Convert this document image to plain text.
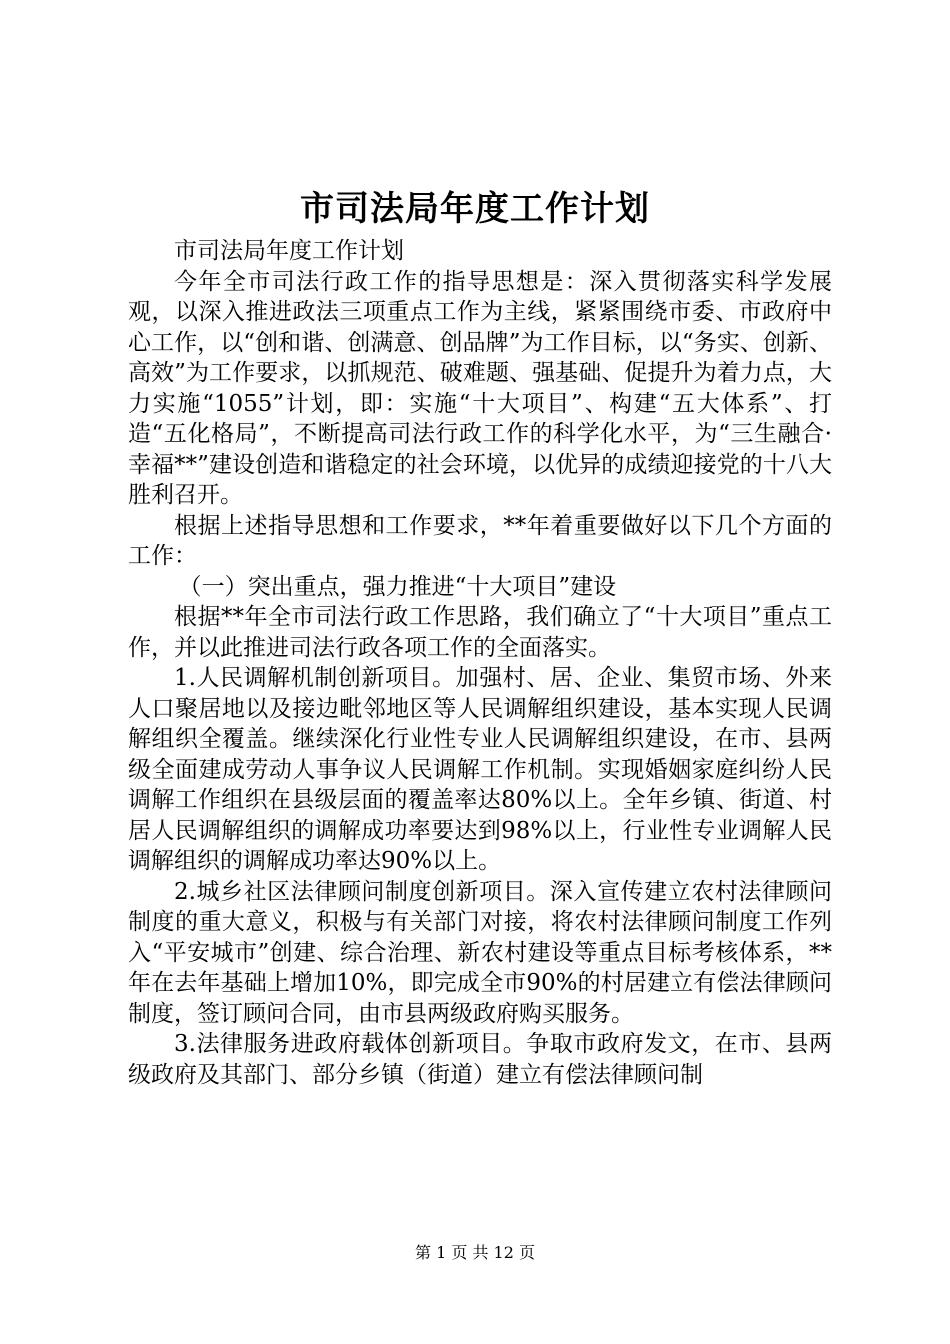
市司法局年度工作计划

市司法局年度工作计划

今年全市司法行政工作的指导思想是：深入贯彻落实科学发展观，以深入推进政法三项重点工作为主线，紧紧围绕市委、市政府中心工作，以“创和谐、创满意、创品牌”为工作目标，以“务实、创新、高效”为工作要求，以抓规范、破难题、强基础、促提升为着力点，大力实施“1055”计划，即：实施“十大项目”、构建“五大体系”、打造“五化格局”，不断提高司法行政工作的科学化水平，为“三生融合·幸福**”建设创造和谐稳定的社会环境，以优异的成绩迎接党的十八大胜利召开。

根据上述指导思想和工作要求，**年着重要做好以下几个方面的工作：

（一）突出重点，强力推进“十大项目”建设

根据**年全市司法行政工作思路，我们确立了“十大项目”重点工作，并以此推进司法行政各项工作的全面落实。

1.人民调解机制创新项目。加强村、居、企业、集贸市场、外来人口聚居地以及接边毗邻地区等人民调解组织建设，基本实现人民调解组织全覆盖。继续深化行业性专业人民调解组织建设，在市、县两级全面建成劳动人事争议人民调解工作机制。实现婚姻家庭纠纷人民调解工作组织在县级层面的覆盖率达80%以上。全年乡镇、街道、村居人民调解组织的调解成功率要达到98%以上，行业性专业调解人民调解组织的调解成功率达90%以上。

2.城乡社区法律顾问制度创新项目。深入宣传建立农村法律顾问制度的重大意义，积极与有关部门对接，将农村法律顾问制度工作列入“平安城市”创建、综合治理、新农村建设等重点目标考核体系，**年在去年基础上增加10%，即完成全市90%的村居建立有偿法律顾问制度，签订顾问合同，由市县两级政府购买服务。

3.法律服务进政府载体创新项目。争取市政府发文，在市、县两级政府及其部门、部分乡镇（街道）建立有偿法律顾问制

第 1 页 共 12 页
